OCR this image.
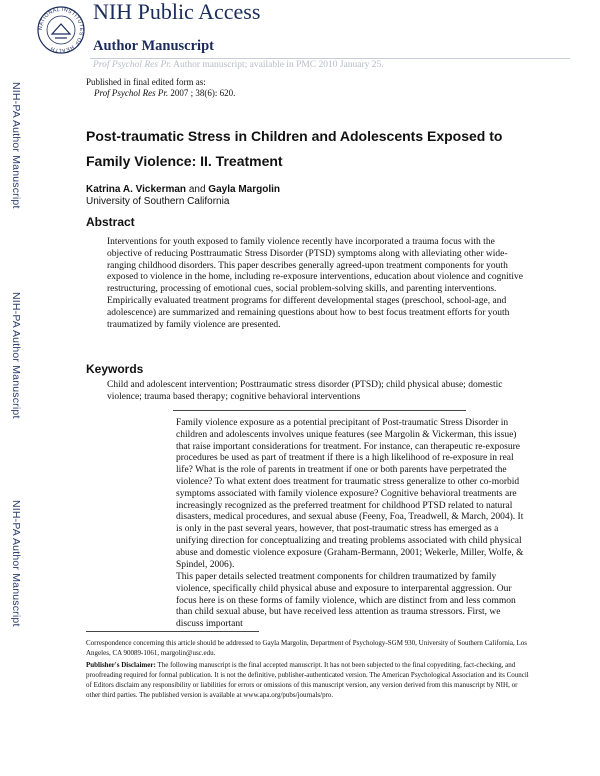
NIH-PA Author Manuscript
NIH-PA Author Manuscript
NIH-PA Author Manuscript
NATIONAL INSTITUTES OF HEALTH
NIH Public Access
Author Manuscript
Prof Psychol Res Pr. Author manuscript; available in PMC 2010 January 25.
Published in final edited form as:
Prof Psychol Res Pr. 2007 ; 38(6): 620.
Post-traumatic Stress in Children and Adolescents Exposed to Family Violence: II. Treatment
Katrina A. Vickerman and Gayla Margolin
University of Southern California
Abstract
Interventions for youth exposed to family violence recently have incorporated a trauma focus with the objective of reducing Posttraumatic Stress Disorder (PTSD) symptoms along with alleviating other wide-ranging childhood disorders. This paper describes generally agreed-upon treatment components for youth exposed to violence in the home, including re-exposure interventions, education about violence and cognitive restructuring, processing of emotional cues, social problem-solving skills, and parenting interventions. Empirically evaluated treatment programs for different developmental stages (preschool, school-age, and adolescence) are summarized and remaining questions about how to best focus treatment efforts for youth traumatized by family violence are presented.
Keywords
Child and adolescent intervention; Posttraumatic stress disorder (PTSD); child physical abuse; domestic violence; trauma based therapy; cognitive behavioral interventions
Family violence exposure as a potential precipitant of Post-traumatic Stress Disorder in children and adolescents involves unique features (see Margolin & Vickerman, this issue) that raise important considerations for treatment. For instance, can therapeutic re-exposure procedures be used as part of treatment if there is a high likelihood of re-exposure in real life? What is the role of parents in treatment if one or both parents have perpetrated the violence? To what extent does treatment for traumatic stress generalize to other co-morbid symptoms associated with family violence exposure? Cognitive behavioral treatments are increasingly recognized as the preferred treatment for childhood PTSD related to natural disasters, medical procedures, and sexual abuse (Feeny, Foa, Treadwell, & March, 2004). It is only in the past several years, however, that post-traumatic stress has emerged as a unifying direction for conceptualizing and treating problems associated with child physical abuse and domestic violence exposure (Graham-Bermann, 2001; Wekerle, Miller, Wolfe, & Spindel, 2006).
This paper details selected treatment components for children traumatized by family violence, specifically child physical abuse and exposure to interparental aggression. Our focus here is on these forms of family violence, which are distinct from and less common than child sexual abuse, but have received less attention as trauma stressors. First, we discuss important
Correspondence concerning this article should be addressed to Gayla Margolin, Department of Psychology-SGM 930, University of Southern California, Los Angeles, CA 90089-1061, margolin@usc.edu.
Publisher's Disclaimer: The following manuscript is the final accepted manuscript. It has not been subjected to the final copyediting, fact-checking, and proofreading required for formal publication. It is not the definitive, publisher-authenticated version. The American Psychological Association and its Council of Editors disclaim any responsibility or liabilities for errors or omissions of this manuscript version, any version derived from this manuscript by NIH, or other third parties. The published version is available at www.apa.org/pubs/journals/pro.
